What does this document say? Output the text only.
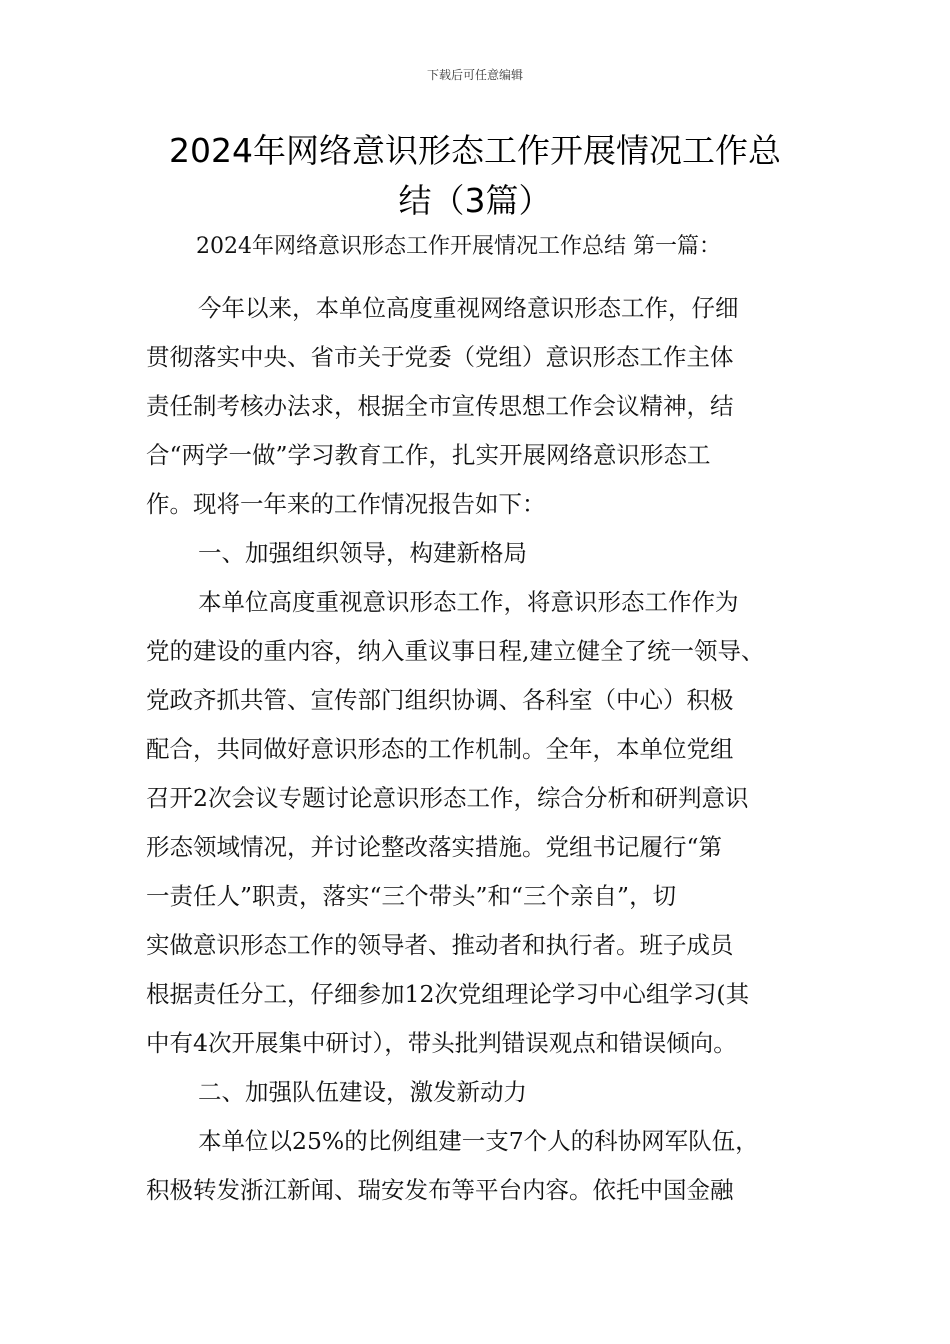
下载后可任意编辑
2024年网络意识形态工作开展情况工作总
结（3篇）
2024年网络意识形态工作开展情况工作总结 第一篇：
今年以来，本单位高度重视网络意识形态工作，仔细
贯彻落实中央、省市关于党委（党组）意识形态工作主体
责任制考核办法求，根据全市宣传思想工作会议精神，结
合“两学一做”学习教育工作，扎实开展网络意识形态工
作。现将一年来的工作情况报告如下：
一、加强组织领导，构建新格局
本单位高度重视意识形态工作，将意识形态工作作为
党的建设的重内容，纳入重议事日程,建立健全了统一领导、
党政齐抓共管、宣传部门组织协调、各科室（中心）积极
配合，共同做好意识形态的工作机制。全年，本单位党组
召开2次会议专题讨论意识形态工作，综合分析和研判意识
形态领域情况，并讨论整改落实措施。党组书记履行“第
一责任人”职责，落实“三个带头”和“三个亲自”，切
实做意识形态工作的领导者、推动者和执行者。班子成员
根据责任分工，仔细参加12次党组理论学习中心组学习(其
中有4次开展集中研讨），带头批判错误观点和错误倾向。
二、加强队伍建设，激发新动力
本单位以25%的比例组建一支7个人的科协网军队伍，
积极转发浙江新闻、瑞安发布等平台内容。依托中国金融
